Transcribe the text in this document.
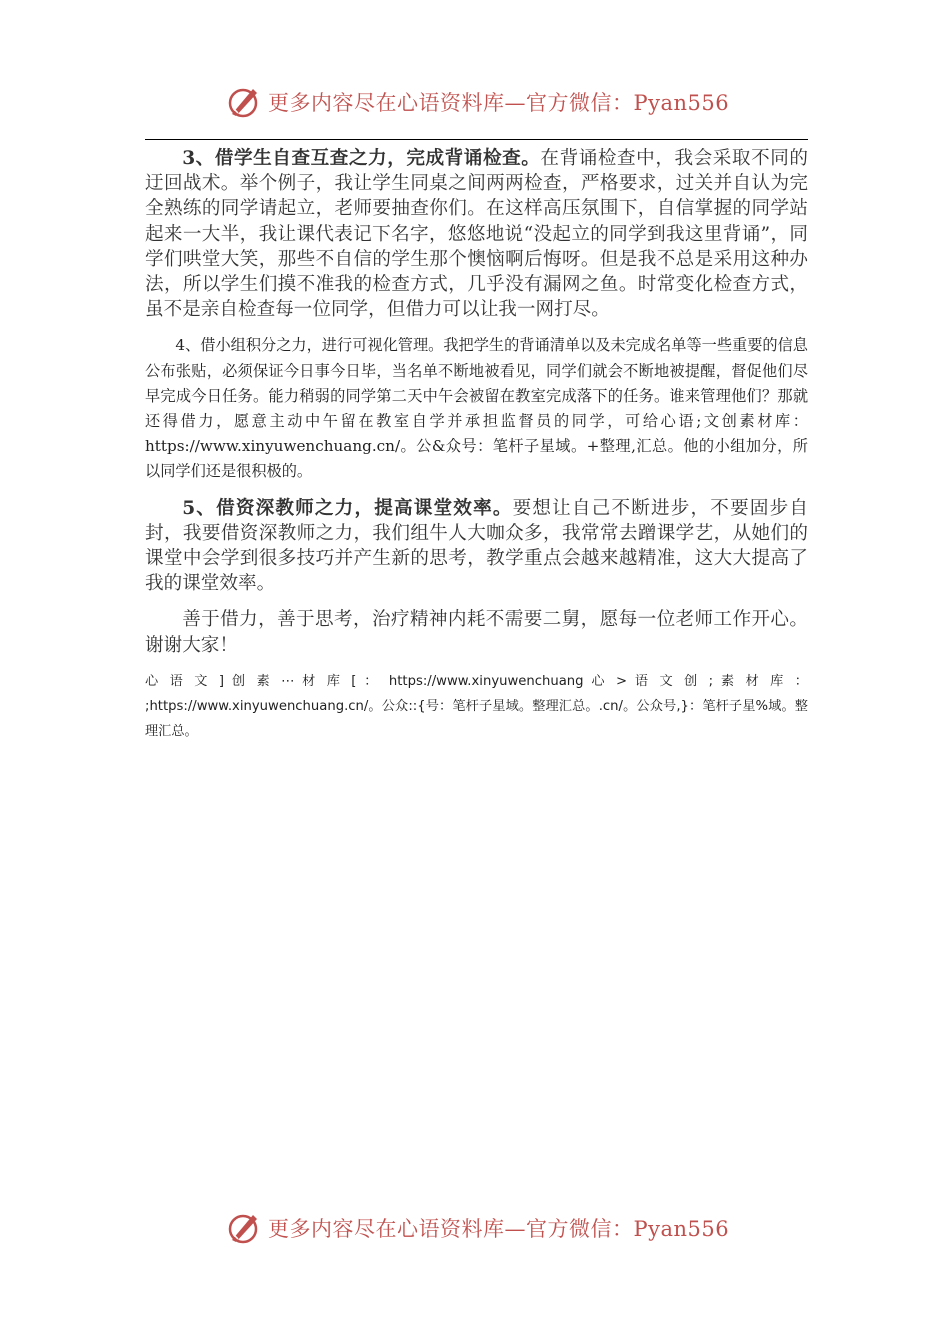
更多内容尽在心语资料库—官方微信：Pyan556

3、借学生自查互查之力，完成背诵检查。在背诵检查中，我会采取不同的迂回战术。举个例子，我让学生同桌之间两两检查，严格要求，过关并自认为完全熟练的同学请起立，老师要抽查你们。在这样高压氛围下，自信掌握的同学站起来一大半，我让课代表记下名字，悠悠地说“没起立的同学到我这里背诵”，同学们哄堂大笑，那些不自信的学生那个懊恼啊后悔呀。但是我不总是采用这种办法，所以学生们摸不准我的检查方式，几乎没有漏网之鱼。时常变化检查方式，虽不是亲自检查每一位同学，但借力可以让我一网打尽。

4、借小组积分之力，进行可视化管理。我把学生的背诵清单以及未完成名单等一些重要的信息公布张贴，必须保证今日事今日毕，当名单不断地被看见，同学们就会不断地被提醒，督促他们尽早完成今日任务。能力稍弱的同学第二天中午会被留在教室完成落下的任务。谁来管理他们？那就还得借力，愿意主动中午留在教室自学并承担监督员的同学，可给心语;文创素材库：https://www.xinyuwenchuang.cn/。公&众号：笔杆子星域。+整理,汇总。他的小组加分，所以同学们还是很积极的。

5、借资深教师之力，提高课堂效率。要想让自己不断进步，不要固步自封，我要借资深教师之力，我们组牛人大咖众多，我常常去蹭课学艺，从她们的课堂中会学到很多技巧并产生新的思考，教学重点会越来越精准，这大大提高了我的课堂效率。

善于借力，善于思考，治疗精神内耗不需要二舅，愿每一位老师工作开心。谢谢大家！

心 语 文 ] 创 素 ⋯ 材 库 [ ： https://www.xinyuwenchuang 心 > 语 文 创 ; 素 材 库 ： ;https://www.xinyuwenchuang.cn/。公众::{号：笔杆子星域。整理汇总。.cn/。公众号,}：笔杆子星%域。整理汇总。

更多内容尽在心语资料库—官方微信：Pyan556
